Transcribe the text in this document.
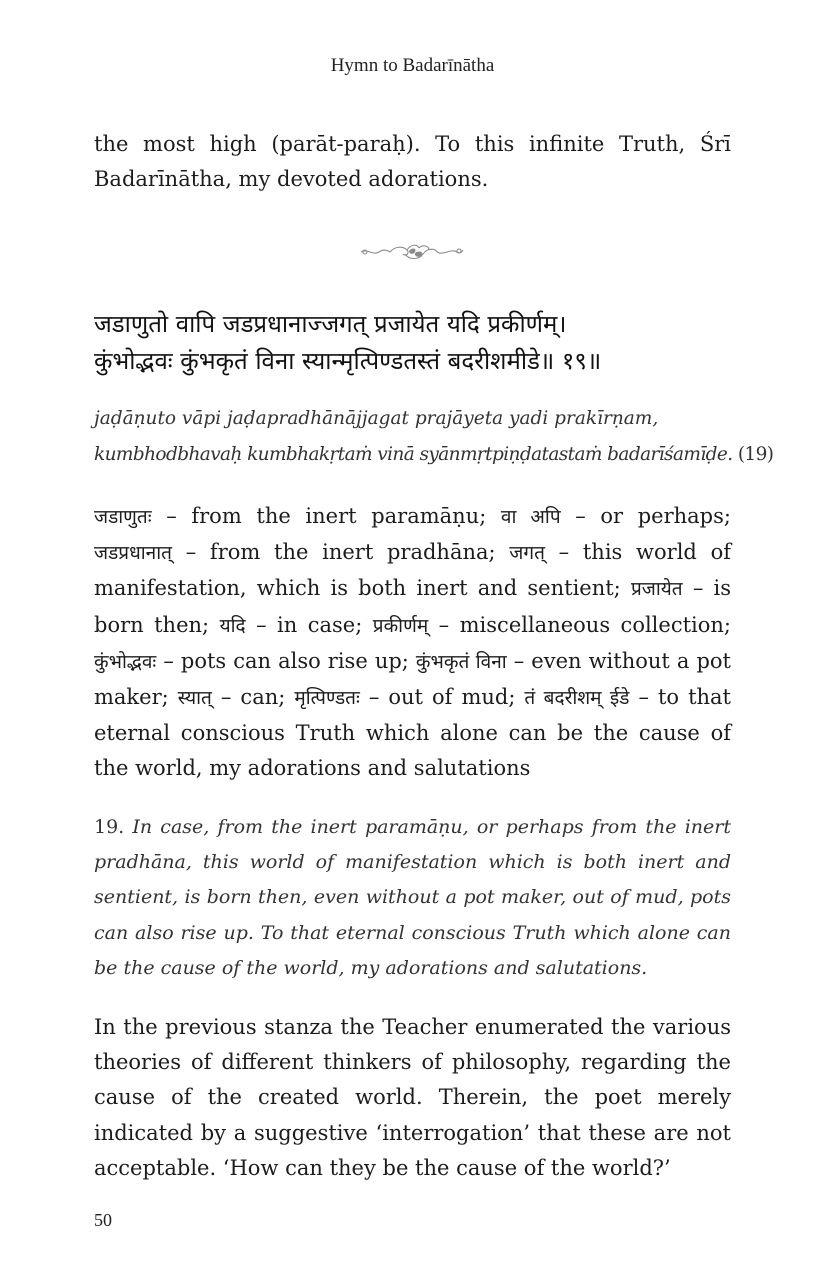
Hymn to Badarīnātha

the most high (parāt-paraḥ). To this infinite Truth, Śrī Badarīnātha, my devoted adorations.

जडाणुतो वापि जडप्रधानाज्जगत् प्रजायेत यदि प्रकीर्णम्।
कुंभोद्भवः कुंभकृतं विना स्यान्मृत्पिण्डतस्तं बदरीशमीडे॥ १९॥
jaḍāṇuto vāpi jaḍapradhānājjagat prajāyeta yadi prakīrṇam,
kumbhodbhavaḥ kumbhakṛtaṁ vinā syānmṛtpiṇḍatastaṁ badarīśamīḍe. (19)

जडाणुतः – from the inert paramāṇu; वा अपि – or perhaps; जडप्रधानात् – from the inert pradhāna; जगत् – this world of manifestation, which is both inert and sentient; प्रजायेत – is born then; यदि – in case; प्रकीर्णम् – miscellaneous collection; कुंभोद्भवः – pots can also rise up; कुंभकृतं विना – even without a pot maker; स्यात् – can; मृत्पिण्डतः – out of mud; तं बदरीशम् ईडे – to that eternal conscious Truth which alone can be the cause of the world, my adorations and salutations

19. In case, from the inert paramāṇu, or perhaps from the inert pradhāna, this world of manifestation which is both inert and sentient, is born then, even without a pot maker, out of mud, pots can also rise up. To that eternal conscious Truth which alone can be the cause of the world, my adorations and salutations.

In the previous stanza the Teacher enumerated the various theories of different thinkers of philosophy, regarding the cause of the created world. Therein, the poet merely indicated by a suggestive ‘interrogation’ that these are not acceptable. ‘How can they be the cause of the world?’

50
